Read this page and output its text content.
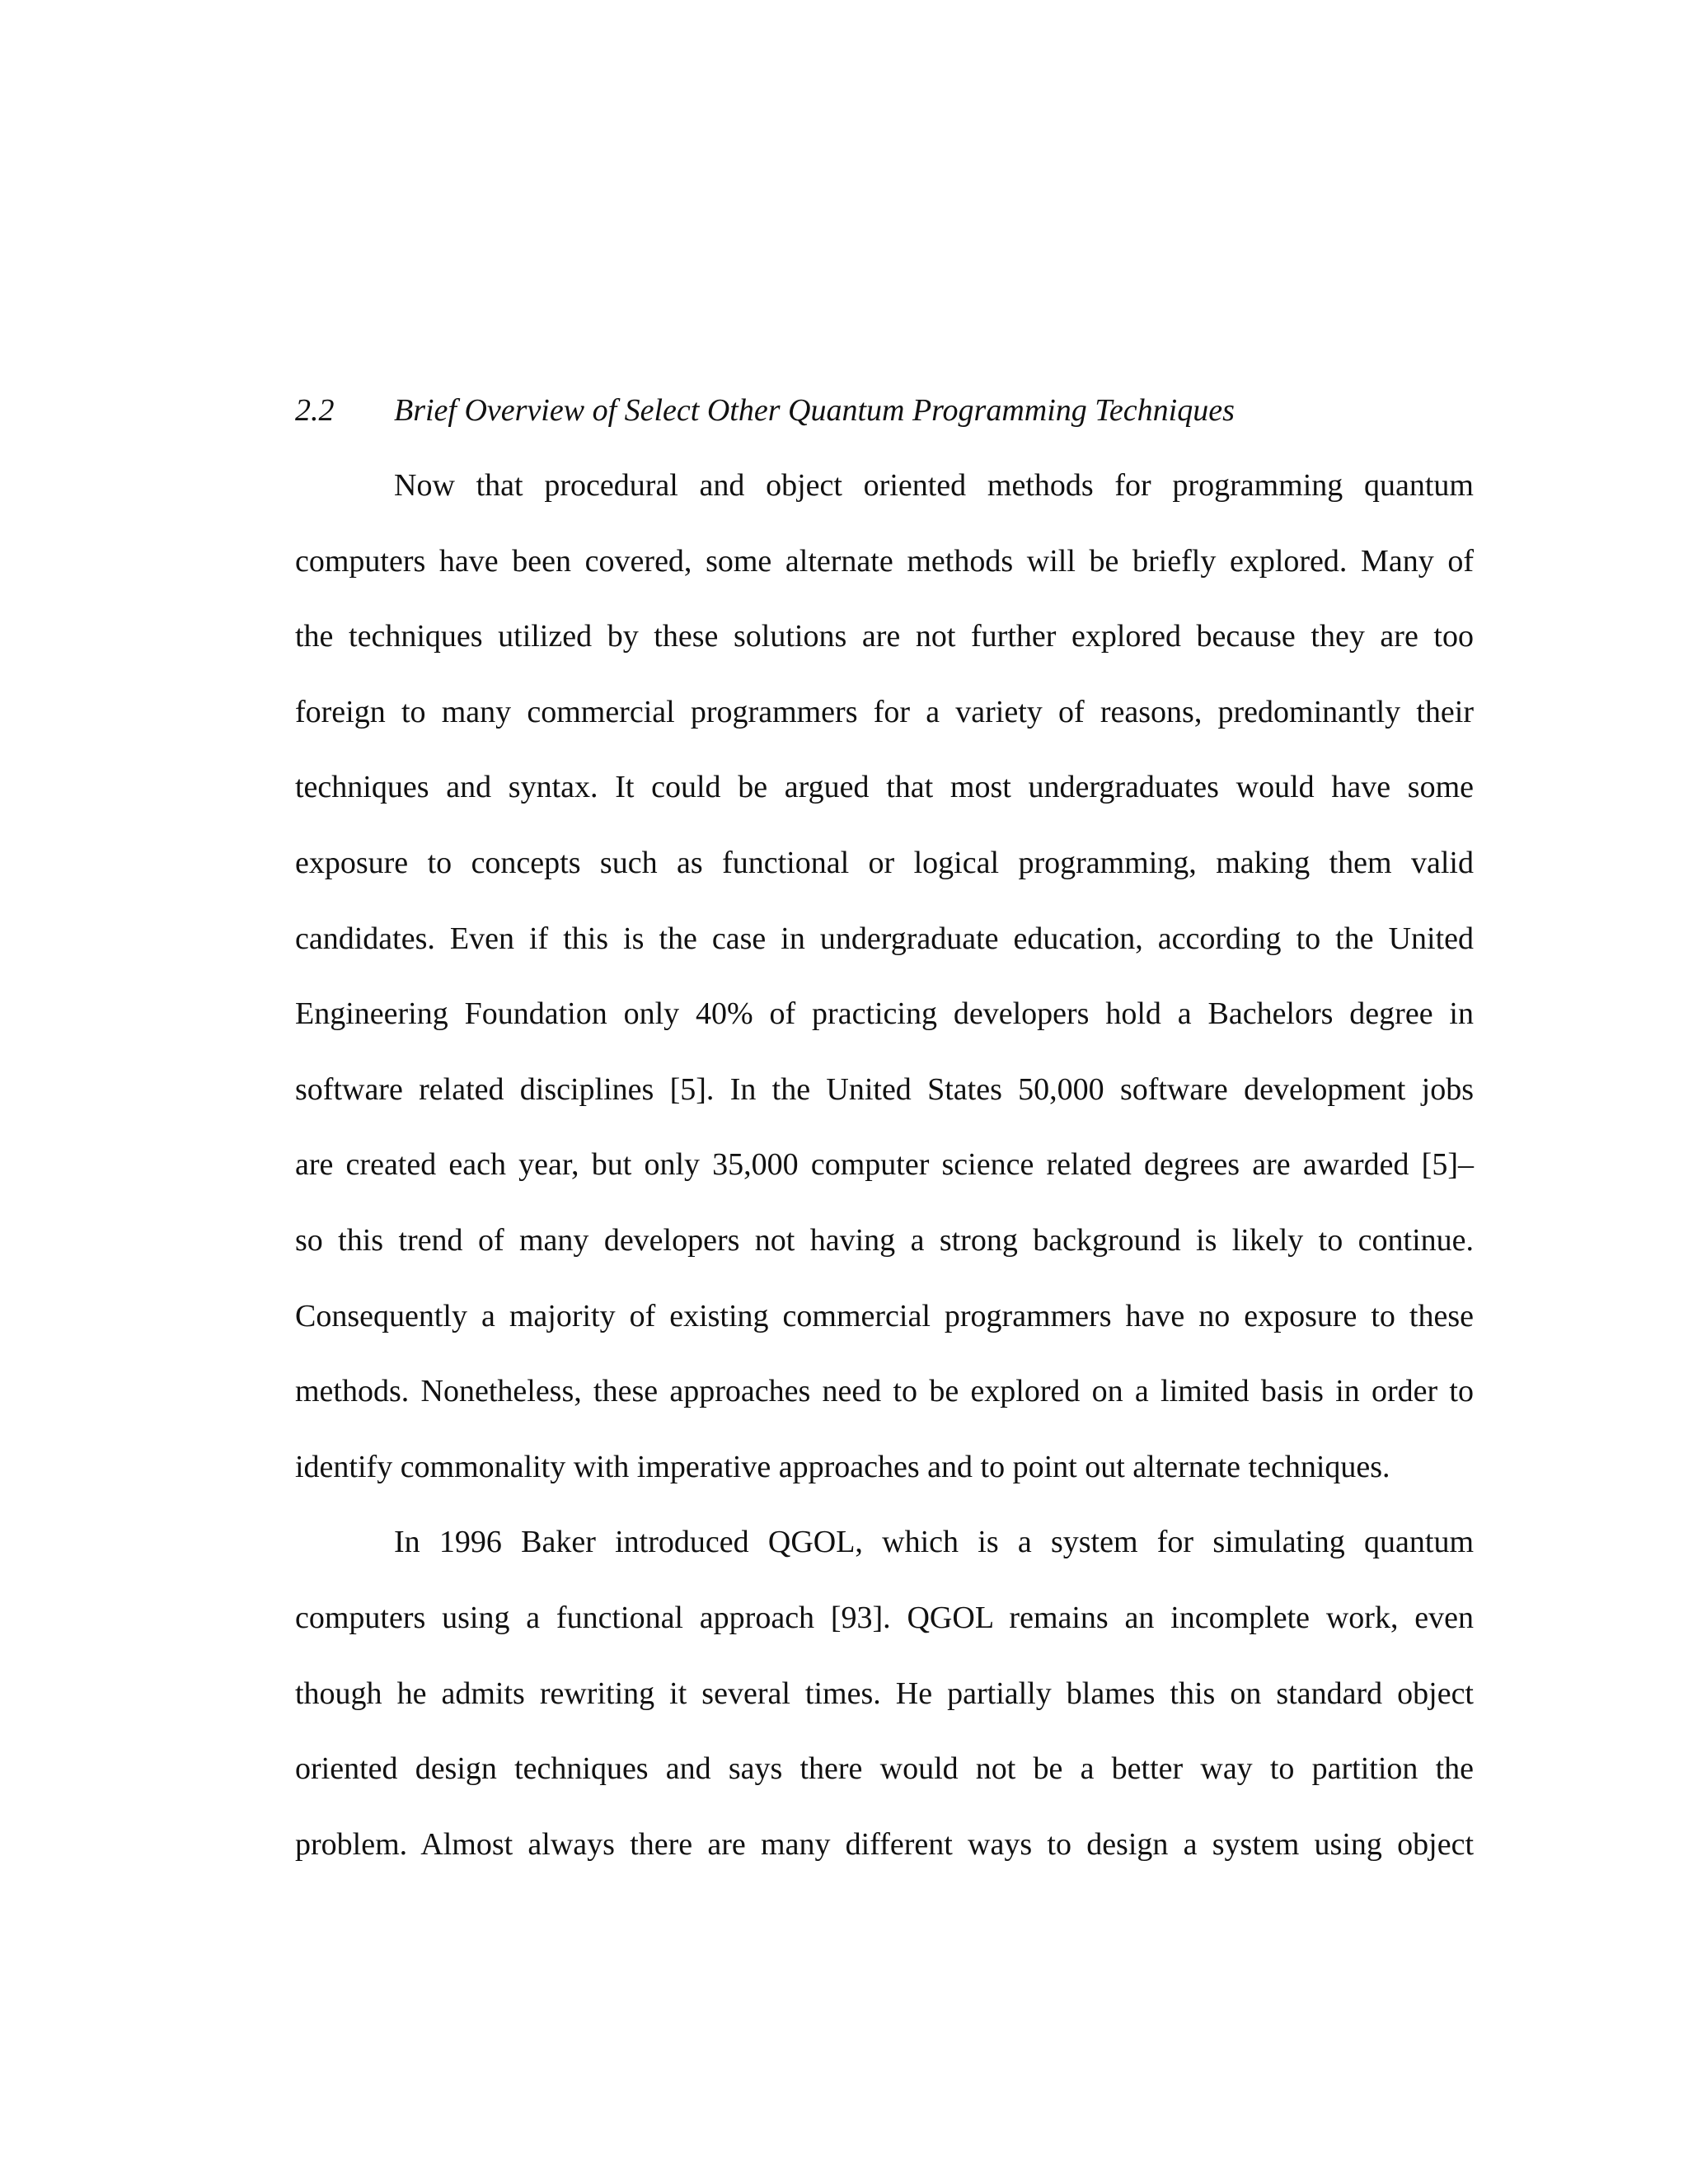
2.2 Brief Overview of Select Other Quantum Programming Techniques
Now that procedural and object oriented methods for programming quantum
computers have been covered, some alternate methods will be briefly explored. Many of
the techniques utilized by these solutions are not further explored because they are too
foreign to many commercial programmers for a variety of reasons, predominantly their
techniques and syntax. It could be argued that most undergraduates would have some
exposure to concepts such as functional or logical programming, making them valid
candidates. Even if this is the case in undergraduate education, according to the United
Engineering Foundation only 40% of practicing developers hold a Bachelors degree in
software related disciplines [5]. In the United States 50,000 software development jobs
are created each year, but only 35,000 computer science related degrees are awarded [5]–
so this trend of many developers not having a strong background is likely to continue.
Consequently a majority of existing commercial programmers have no exposure to these
methods. Nonetheless, these approaches need to be explored on a limited basis in order to
identify commonality with imperative approaches and to point out alternate techniques.
In 1996 Baker introduced QGOL, which is a system for simulating quantum
computers using a functional approach [93]. QGOL remains an incomplete work, even
though he admits rewriting it several times. He partially blames this on standard object
oriented design techniques and says there would not be a better way to partition the
problem. Almost always there are many different ways to design a system using object
